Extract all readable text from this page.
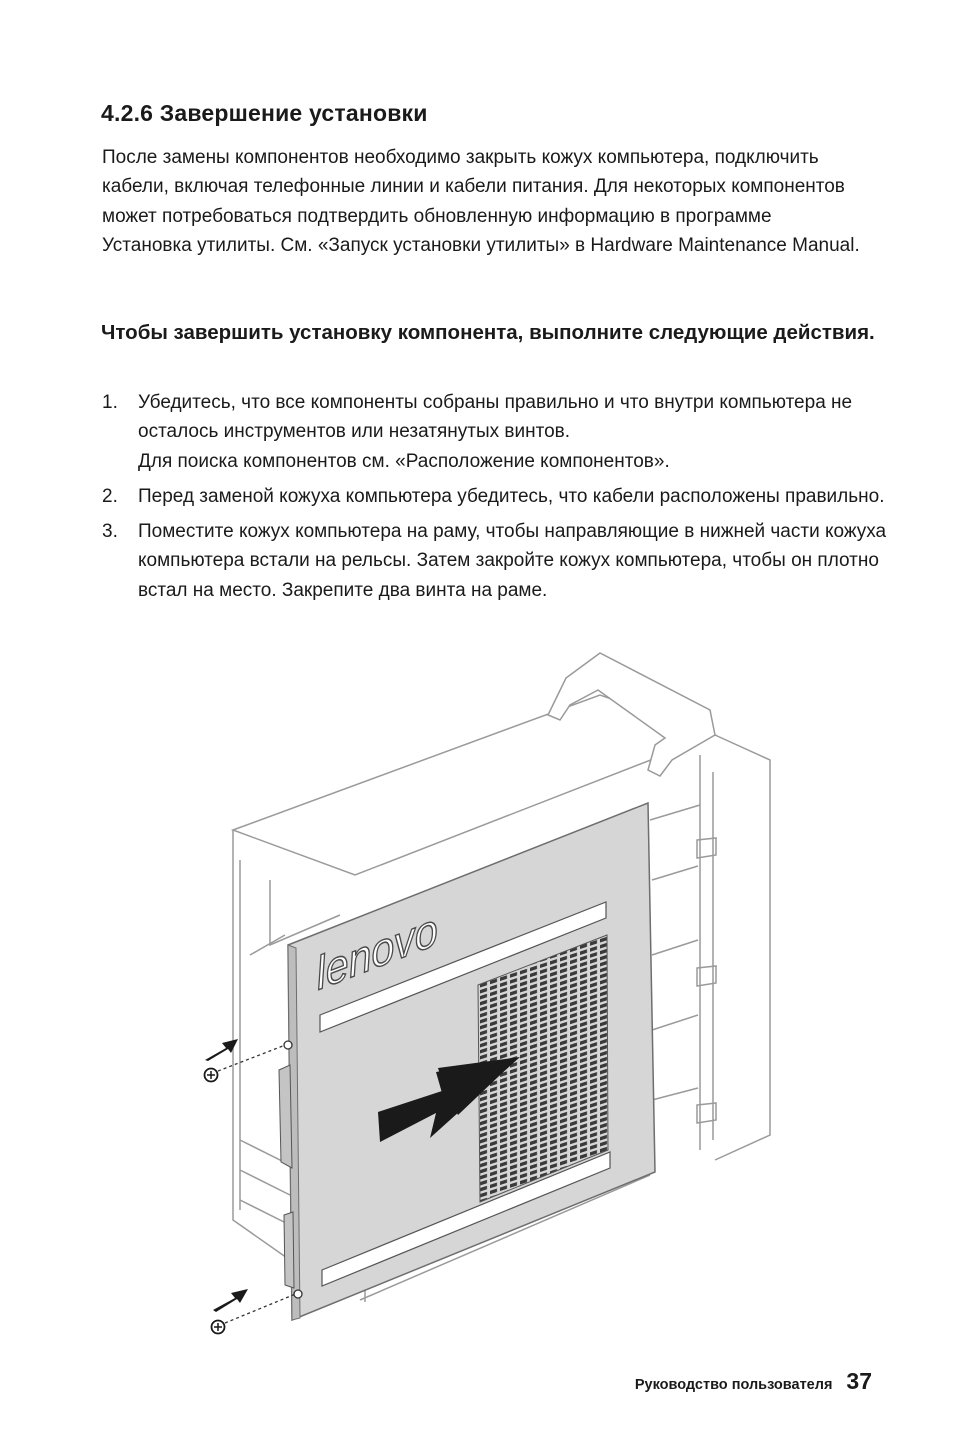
4.2.6 Завершение установки

После замены компонентов необходимо закрыть кожух компьютера, подключить кабели, включая телефонные линии и кабели питания. Для некоторых компонентов может потребоваться подтвердить обновленную информацию в программе Установка утилиты. См. «Запуск установки утилиты» в Hardware Maintenance Manual.

Чтобы завершить установку компонента, выполните следующие действия.
1. Убедитесь, что все компоненты собраны правильно и что внутри компьютера не осталось инструментов или незатянутых винтов.
Для поиска компонентов см. «Расположение компонентов».
2. Перед заменой кожуха компьютера убедитесь, что кабели расположены правильно.
3. Поместите кожух компьютера на раму, чтобы направляющие в нижней части кожуха компьютера встали на рельсы. Затем закройте кожух компьютера, чтобы он плотно встал на место. Закрепите два винта на раме.
lenovo
Руководство пользователя 37
